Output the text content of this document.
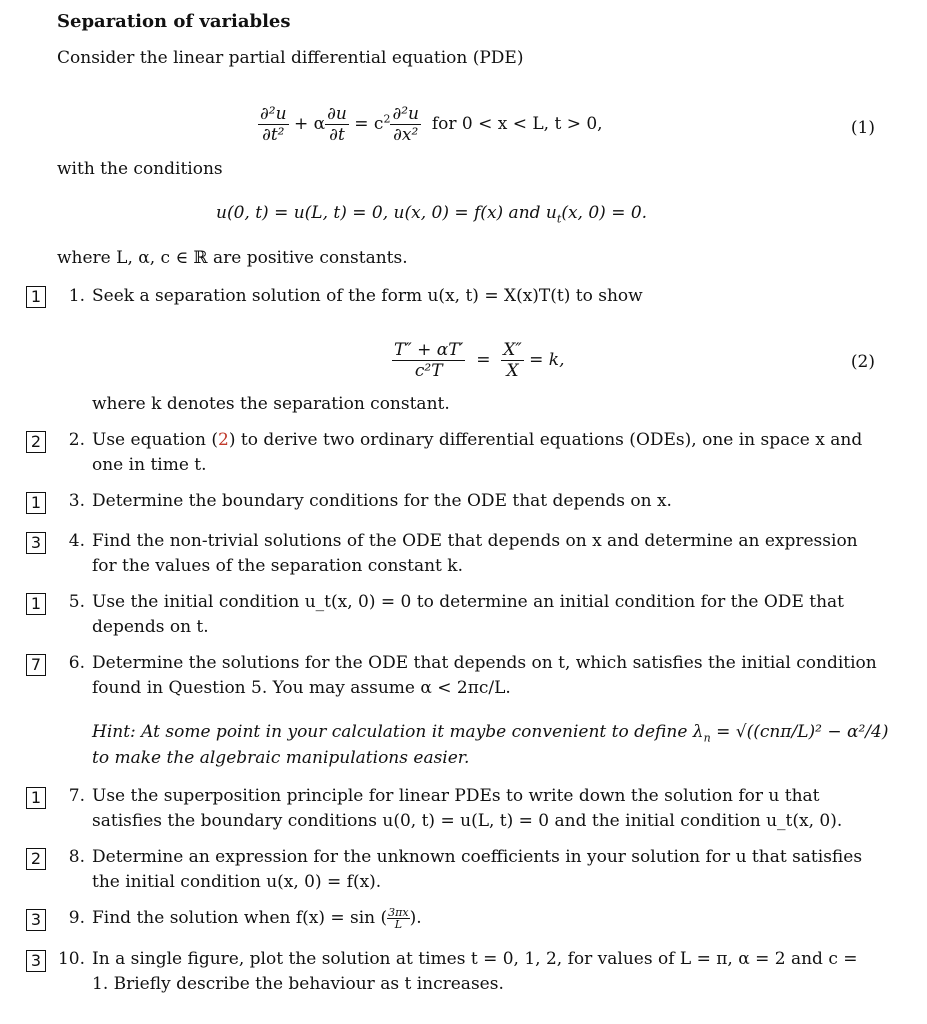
Separation of variables
Consider the linear partial differential equation (PDE)
$\frac{\text{∂²u}}{\text{∂t²}} + \alpha \frac{\partial u}{\partial t} = c^2 \frac{\text{∂²u}}{\text{∂x²}}$ for 0 < x < L, t > 0,	(1)
with the conditions
u(0, t) = u(L, t) = 0, u(x, 0) = f(x) and $u_t(x$, 0) = 0.
where L, α, c ∈ ℝ are positive constants.
1	1. Seek a separation solution of the form u(x, t) = X(x)T(t) to show
$\frac{T'' + \alpha T'}{\text{c²T}} = \frac{X''}{X} = k$,	(2)
where k denotes the separation constant.
2	2. Use equation (2) to derive two ordinary differential equations (ODEs), one in space x and one in time t.
1	3. Determine the boundary conditions for the ODE that depends on x.
3	4. Find the non-trivial solutions of the ODE that depends on x and determine an expression for the values of the separation constant k.
1	5. Use the initial condition u_t(x, 0) = 0 to determine an initial condition for the ODE that depends on t.
7	6. Determine the solutions for the ODE that depends on t, which satisfies the initial condition found in Question 5. You may assume α < 2πc/L.
Hint: At some point in your calculation it maybe convenient to define $\lambda_n = √((cn\pi/L)^2 - \alpha^2/4)$
to make the algebraic manipulations easier.
1	7. Use the superposition principle for linear PDEs to write down the solution for u that satisfies the boundary conditions u(0, t) = u(L, t) = 0 and the initial condition u_t(x, 0).
2	8. Determine an expression for the unknown coefficients in your solution for u that satisfies the initial condition u(x, 0) = f(x).
3	9. Find the solution when f(x) = sin ( $\frac{3\pi x}{L}$ ).
3 10. In a single figure, plot the solution at times t = 0, 1, 2, for values of L = π, α = 2 and c = 1. Briefly describe the behaviour as t increases.
